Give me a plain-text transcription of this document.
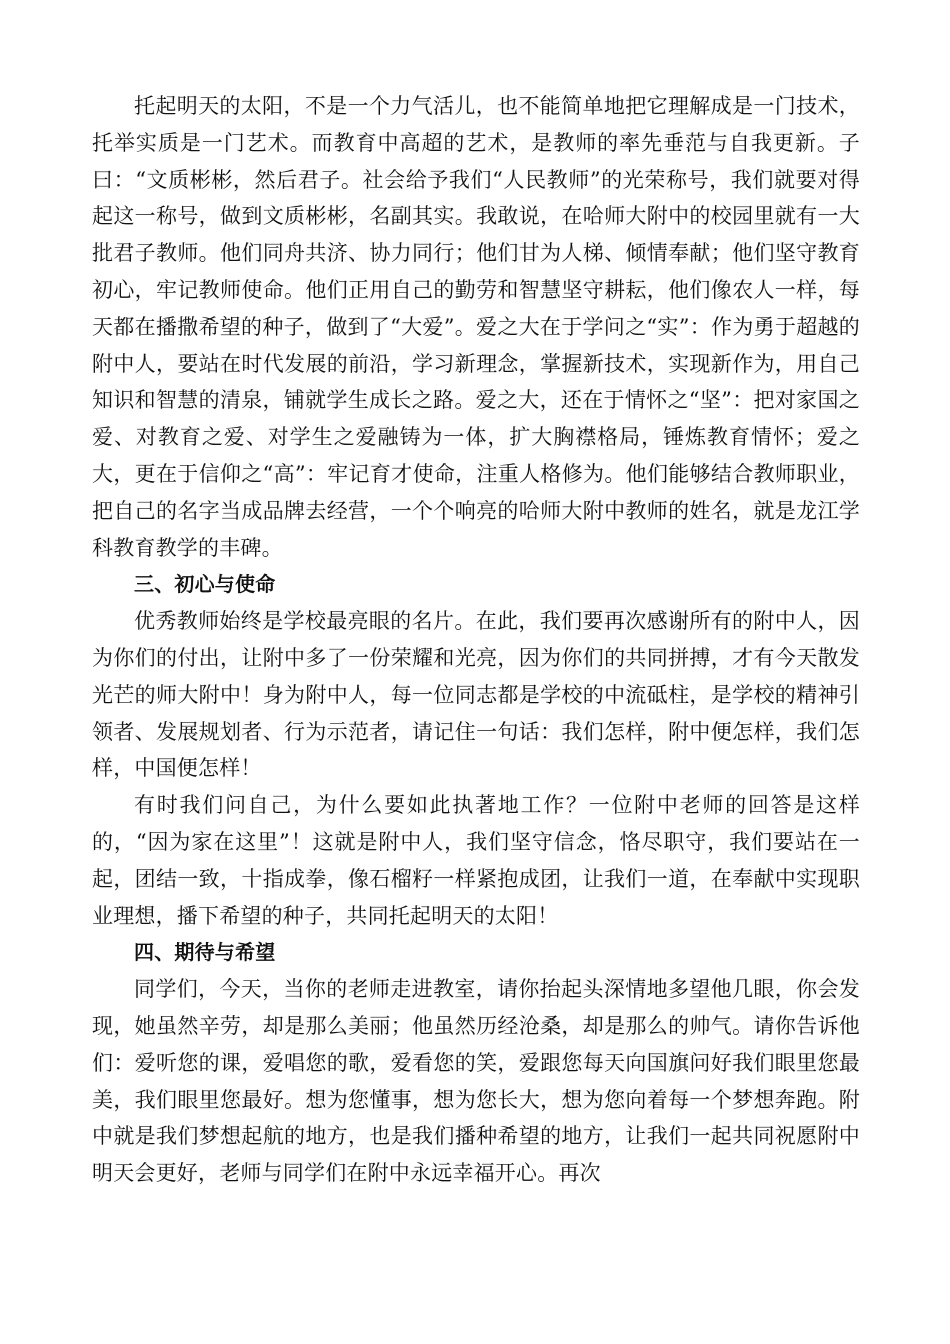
托起明天的太阳，不是一个力气活儿，也不能简单地把它理解成是一门技术，托举实质是一门艺术。而教育中高超的艺术，是教师的率先垂范与自我更新。子曰：“文质彬彬，然后君子。社会给予我们“人民教师”的光荣称号，我们就要对得起这一称号，做到文质彬彬，名副其实。我敢说，在哈师大附中的校园里就有一大批君子教师。他们同舟共济、协力同行；他们甘为人梯、倾情奉献；他们坚守教育初心，牢记教师使命。他们正用自己的勤劳和智慧坚守耕耘，他们像农人一样，每天都在播撒希望的种子，做到了“大爱”。爱之大在于学问之“实”：作为勇于超越的附中人，要站在时代发展的前沿，学习新理念，掌握新技术，实现新作为，用自己知识和智慧的清泉，铺就学生成长之路。爱之大，还在于情怀之“坚”：把对家国之爱、对教育之爱、对学生之爱融铸为一体，扩大胸襟格局，锤炼教育情怀；爱之大，更在于信仰之“高”：牢记育才使命，注重人格修为。他们能够结合教师职业，把自己的名字当成品牌去经营，一个个响亮的哈师大附中教师的姓名，就是龙江学科教育教学的丰碑。

三、初心与使命

优秀教师始终是学校最亮眼的名片。在此，我们要再次感谢所有的附中人，因为你们的付出，让附中多了一份荣耀和光亮，因为你们的共同拼搏，才有今天散发光芒的师大附中！身为附中人，每一位同志都是学校的中流砥柱，是学校的精神引领者、发展规划者、行为示范者，请记住一句话：我们怎样，附中便怎样，我们怎样，中国便怎样！

有时我们问自己，为什么要如此执著地工作？一位附中老师的回答是这样的，“因为家在这里”！这就是附中人，我们坚守信念，恪尽职守，我们要站在一起，团结一致，十指成拳，像石榴籽一样紧抱成团，让我们一道，在奉献中实现职业理想，播下希望的种子，共同托起明天的太阳！

四、期待与希望

同学们，今天，当你的老师走进教室，请你抬起头深情地多望他几眼，你会发现，她虽然辛劳，却是那么美丽；他虽然历经沧桑，却是那么的帅气。请你告诉他们：爱听您的课，爱唱您的歌，爱看您的笑，爱跟您每天向国旗问好我们眼里您最美，我们眼里您最好。想为您懂事，想为您长大，想为您向着每一个梦想奔跑。附中就是我们梦想起航的地方，也是我们播种希望的地方，让我们一起共同祝愿附中明天会更好，老师与同学们在附中永远幸福开心。再次
